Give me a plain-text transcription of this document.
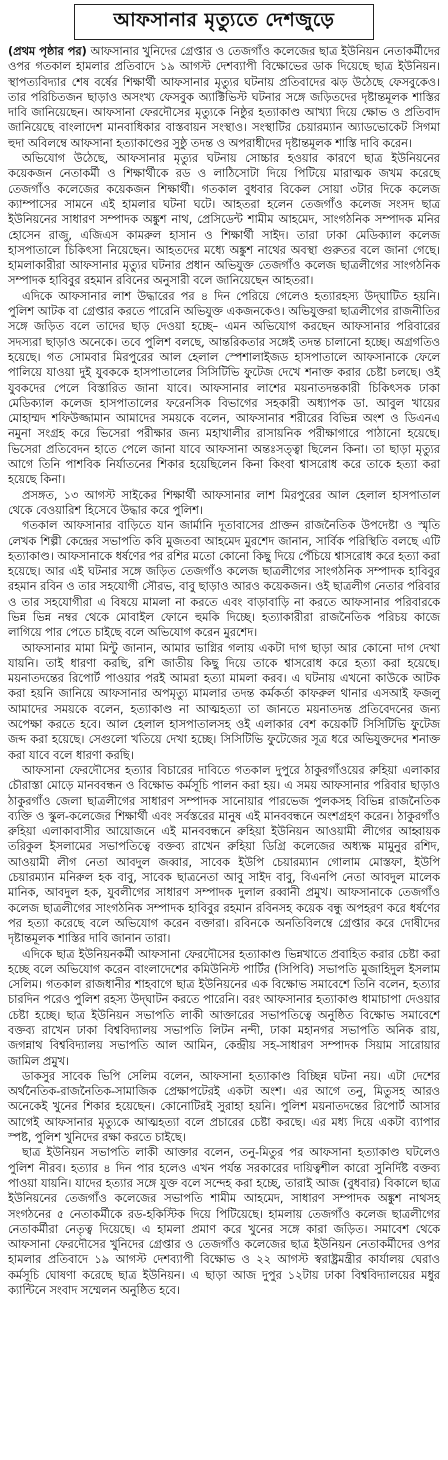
আফসানার মৃত্যুতে দেশজুড়ে

(প্রথম পৃষ্ঠার পর) আফসানার খুনিদের গ্রেপ্তার ও তেজগাঁও কলেজের ছাত্র ইউনিয়ন নেতাকর্মীদের ওপর গতকাল হামলার প্রতিবাদে ১৯ আগস্ট দেশব্যাপী বিক্ষোভের ডাক দিয়েছে ছাত্র ইউনিয়ন। স্থাপত্যবিদ্যার শেষ বর্ষের শিক্ষার্থী আফসানার মৃত্যুর ঘটনায় প্রতিবাদের ঝড় উঠেছে ফেসবুকেও। তার পরিচিতজন ছাড়াও অসংখ্য ফেসবুক অ্যাক্টিভিস্ট ঘটনার সঙ্গে জড়িতদের দৃষ্টান্তমূলক শাস্তির দাবি জানিয়েছেন। আফসানা ফেরদৌসের মৃত্যুকে নিষ্ঠুর হত্যাকাণ্ড আখ্যা দিয়ে ক্ষোভ ও প্রতিবাদ জানিয়েছে বাংলাদেশ মানবাধিকার বাস্তবায়ন সংস্থাও। সংস্থাটির চেয়ারম্যান অ্যাডভোকেট সিগমা হুদা অবিলম্বে আফসানা হত্যাকাণ্ডের সুষ্ঠু তদন্ত ও অপরাধীদের দৃষ্টান্তমূলক শাস্তি দাবি করেন।

অভিযোগ উঠেছে, আফসানার মৃত্যুর ঘটনায় সোচ্চার হওয়ার কারণে ছাত্র ইউনিয়নের কয়েকজন নেতাকর্মী ও শিক্ষার্থীকে রড ও লাঠিসোটা দিয়ে পিটিয়ে মারাত্মক জখম করেছে তেজগাঁও কলেজের কয়েকজন শিক্ষার্থী। গতকাল বুধবার বিকেল সোয়া ৩টার দিকে কলেজ ক্যাম্পাসের সামনে এই হামলার ঘটনা ঘটে। আহতরা হলেন তেজগাঁও কলেজ সংসদ ছাত্র ইউনিয়নের সাধারণ সম্পাদক অঙ্কুশ নাথ, প্রেসিডেন্ট শামীম আহমেদ, সাংগঠনিক সম্পাদক মনির হোসেন রাজু, এজিএস কামরুল হাসান ও শিক্ষার্থী সাইদ। তারা ঢাকা মেডিক্যাল কলেজ হাসপাতালে চিকিৎসা নিয়েছেন। আহতদের মধ্যে অঙ্কুশ নাথের অবস্থা গুরুতর বলে জানা গেছে। হামলাকারীরা আফসানার মৃত্যুর ঘটনার প্রধান অভিযুক্ত তেজগাঁও কলেজ ছাত্রলীগের সাংগঠনিক সম্পাদক হাবিবুর রহমান রবিনের অনুসারী বলে জানিয়েছেন আহতরা।

এদিকে আফসানার লাশ উদ্ধারের পর ৪ দিন পেরিয়ে গেলেও হত্যারহস্য উদ্‌ঘাটিত হয়নি। পুলিশ আটক বা গ্রেপ্তার করতে পারেনি অভিযুক্ত একজনকেও। অভিযুক্তরা ছাত্রলীগের রাজনীতির সঙ্গে জড়িত বলে তাদের ছাড় দেওয়া হচ্ছে– এমন অভিযোগ করছেন আফসানার পরিবারের সদস্যরা ছাড়াও অনেকে। তবে পুলিশ বলছে, আন্তরিকতার সঙ্গেই তদন্ত চালানো হচ্ছে। অগ্রগতিও হয়েছে। গত সোমবার মিরপুরের আল হেলাল স্পেশালাইজড হাসপাতালে আফসানাকে ফেলে পালিয়ে যাওয়া দুই যুবককে হাসপাতালের সিসিটিভি ফুটেজ দেখে শনাক্ত করার চেষ্টা চলছে। ওই যুবকদের পেলে বিস্তারিত জানা যাবে। আফসানার লাশের ময়নাতদন্তকারী চিকিৎসক ঢাকা মেডিক্যাল কলেজ হাসপাতালের ফরেনসিক বিভাগের সহকারী অধ্যাপক ডা. আবুল খায়ের মোহাম্মদ শফিউজ্জামান আমাদের সময়কে বলেন, আফসানার শরীরের বিভিন্ন অংশ ও ডিএনএ নমুনা সংগ্রহ করে ভিসেরা পরীক্ষার জন্য মহাখালীর রাসায়নিক পরীক্ষাগারে পাঠানো হয়েছে। ভিসেরা প্রতিবেদন হাতে পেলে জানা যাবে আফসানা অন্তঃসত্ত্বা ছিলেন কিনা। তা ছাড়া মৃত্যুর আগে তিনি পাশবিক নির্যাতনের শিকার হয়েছিলেন কিনা কিংবা শ্বাসরোধ করে তাকে হত্যা করা হয়েছে কিনা।

প্রসঙ্গত, ১৩ আগস্ট সাইকের শিক্ষার্থী আফসানার লাশ মিরপুরের আল হেলাল হাসপাতাল থেকে বেওয়ারিশ হিসেবে উদ্ধার করে পুলিশ।

গতকাল আফসানার বাড়িতে যান জার্মানি দূতাবাসের প্রাক্তন রাজনৈতিক উপদেষ্টা ও স্মৃতি লেখক শিল্পী কেন্দ্রের সভাপতি কবি মুজতবা আহমেদ মুরশেদ জানান, সার্বিক পরিস্থিতি বলছে এটি হত্যাকাণ্ড। আফসানাকে ধর্ষণের পর রশির মতো কোনো কিছু দিয়ে পেঁচিয়ে শ্বাসরোধ করে হত্যা করা হয়েছে। আর এই ঘটনার সঙ্গে জড়িত তেজগাঁও কলেজ ছাত্রলীগের সাংগঠনিক সম্পাদক হাবিবুর রহমান রবিন ও তার সহযোগী সৌরভ, বাবু ছাড়াও আরও কয়েকজন। ওই ছাত্রলীগ নেতার পরিবার ও তার সহযোগীরা এ বিষয়ে মামলা না করতে এবং বাড়াবাড়ি না করতে আফসানার পরিবারকে ভিন্ন ভিন্ন নম্বর থেকে মোবাইল ফোনে হুমকি দিচ্ছে। হত্যাকারীরা রাজনৈতিক পরিচয় কাজে লাগিয়ে পার পেতে চাইছে বলে অভিযোগ করেন মুরশেদ।

আফসানার মামা মিন্টু জানান, আমার ভাগ্নির গলায় একটা দাগ ছাড়া আর কোনো দাগ দেখা যায়নি। তাই ধারণা করছি, রশি জাতীয় কিছু দিয়ে তাকে শ্বাসরোধ করে হত্যা করা হয়েছে। ময়নাতদন্তের রিপোর্ট পাওয়ার পরই আমরা হত্যা মামলা করব। এ ঘটনায় এখনো কাউকে আটক করা হয়নি জানিয়ে আফসানার অপমৃত্যু মামলার তদন্ত কর্মকর্তা কাফরুল থানার এসআই ফজলু আমাদের সময়কে বলেন, হত্যাকাণ্ড না আত্মহত্যা তা জানতে ময়নাতদন্ত প্রতিবেদনের জন্য অপেক্ষা করতে হবে। আল হেলাল হাসপাতালসহ ওই এলাকার বেশ কয়েকটি সিসিটিভি ফুটেজ জব্দ করা হয়েছে। সেগুলো খতিয়ে দেখা হচ্ছে। সিসিটিভি ফুটেজের সূত্র ধরে অভিযুক্তদের শনাক্ত করা যাবে বলে ধারণা করছি।

আফসানা ফেরদৌসের হত্যার বিচারের দাবিতে গতকাল দুপুরে ঠাকুরগাঁওয়ের রুহিয়া এলাকার চৌরাস্তা মোড়ে মানববন্ধন ও বিক্ষোভ কর্মসূচি পালন করা হয়। এ সময় আফসানার পরিবার ছাড়াও ঠাকুরগাঁও জেলা ছাত্রলীগের সাধারণ সম্পাদক সানোয়ার পারভেজ পুলকসহ বিভিন্ন রাজনৈতিক ব্যক্তি ও স্কুল-কলেজের শিক্ষার্থী এবং সর্বস্তরের মানুষ এই মানববন্ধনে অংশগ্রহণ করেন। ঠাকুরগাঁও রুহিয়া এলাকাবাসীর আয়োজনে এই মানববন্ধনে রুহিয়া ইউনিয়ন আওয়ামী লীগের আহ্বায়ক তরিকুল ইসলামের সভাপতিত্বে বক্তব্য রাখেন রুহিয়া ডিগ্রি কলেজের অধ্যক্ষ মামুনুর রশিদ, আওয়ামী লীগ নেতা আবদুল জব্বার, সাবেক ইউপি চেয়ারম্যান গোলাম মোস্তফা, ইউপি চেয়ারম্যান মনিরুল হক বাবু, সাবেক ছাত্রনেতা আবু সাইদ বাবু, বিএনপি নেতা আবদুল মালেক মানিক, আবদুল হক, যুবলীগের সাধারণ সম্পাদক দুলাল রব্বানী প্রমুখ। আফসানাকে তেজগাঁও কলেজ ছাত্রলীগের সাংগঠনিক সম্পাদক হাবিবুর রহমান রবিনসহ কয়েক বন্ধু অপহরণ করে ধর্ষণের পর হত্যা করেছে বলে অভিযোগ করেন বক্তারা। রবিনকে অনতিবিলম্বে গ্রেপ্তার করে দোষীদের দৃষ্টান্তমূলক শাস্তির দাবি জানান তারা।

এদিকে ছাত্র ইউনিয়নকর্মী আফসানা ফেরদৌসের হত্যাকাণ্ড ভিন্নখাতে প্রবাহিত করার চেষ্টা করা হচ্ছে বলে অভিযোগ করেন বাংলাদেশের কমিউনিস্ট পার্টির (সিপিবি) সভাপতি মুজাহিদুল ইসলাম সেলিম। গতকাল রাজধানীর শাহবাগে ছাত্র ইউনিয়নের এক বিক্ষোভ সমাবেশে তিনি বলেন, হত্যার চারদিন পরেও পুলিশ রহস্য উদ্‌ঘাটন করতে পারেনি। বরং আফসানার হত্যাকাণ্ড ধামাচাপা দেওয়ার চেষ্টা হচ্ছে। ছাত্র ইউনিয়ন সভাপতি লাকী আক্তারের সভাপতিত্বে অনুষ্ঠিত বিক্ষোভ সমাবেশে বক্তব্য রাখেন ঢাকা বিশ্ববিদ্যালয় সভাপতি লিটন নন্দী, ঢাকা মহানগর সভাপতি অনিক রায়, জগন্নাথ বিশ্ববিদ্যালয় সভাপতি আল আমিন, কেন্দ্রীয় সহ-সাধারণ সম্পাদক সিয়াম সারোয়ার জামিল প্রমুখ।

ডাকসুর সাবেক ভিপি সেলিম বলেন, আফসানা হত্যাকাণ্ড বিচ্ছিন্ন ঘটনা নয়। এটা দেশের অর্থনৈতিক-রাজনৈতিক-সামাজিক প্রেক্ষাপটেরই একটা অংশ। এর আগে তনু, মিতুসহ আরও অনেকেই খুনের শিকার হয়েছেন। কোনোটিরই সুরাহা হয়নি। পুলিশ ময়নাতদন্তের রিপোর্ট আসার আগেই আফসানার মৃত্যুকে আত্মহত্যা বলে প্রচারের চেষ্টা করছে। এর মধ্য দিয়ে একটা ব্যাপার স্পষ্ট, পুলিশ খুনিদের রক্ষা করতে চাইছে।

ছাত্র ইউনিয়ন সভাপতি লাকী আক্তার বলেন, তনু-মিতুর পর আফসানা হত্যাকাণ্ড ঘটলেও পুলিশ নীরব। হত্যার ৪ দিন পার হলেও এখন পর্যন্ত সরকারের দায়িত্বশীল কারো সুনির্দিষ্ট বক্তব্য পাওয়া যায়নি। যাদের হত্যার সঙ্গে যুক্ত বলে সন্দেহ করা হচ্ছে, তারাই আজ (বুধবার) বিকালে ছাত্র ইউনিয়নের তেজগাঁও কলেজের সভাপতি শামীম আহমেদ, সাধারণ সম্পাদক অঙ্কুশ নাথসহ সংগঠনের ৫ নেতাকর্মীকে রড-হকিস্টিক দিয়ে পিটিয়েছে। হামলায় তেজগাঁও কলেজ ছাত্রলীগের নেতাকর্মীরা নেতৃত্ব দিয়েছে। এ হামলা প্রমাণ করে খুনের সঙ্গে কারা জড়িত। সমাবেশ থেকে আফসানা ফেরদৌসের খুনিদের গ্রেপ্তার ও তেজগাঁও কলেজের ছাত্র ইউনিয়ন নেতাকর্মীদের ওপর হামলার প্রতিবাদে ১৯ আগস্ট দেশব্যাপী বিক্ষোভ ও ২২ আগস্ট স্বরাষ্ট্রমন্ত্রীর কার্যালয় ঘেরাও কর্মসূচি ঘোষণা করেছে ছাত্র ইউনিয়ন। এ ছাড়া আজ দুপুর ১২টায় ঢাকা বিশ্ববিদ্যালয়ের মধুর ক্যান্টিনে সংবাদ সম্মেলন অনুষ্ঠিত হবে।
